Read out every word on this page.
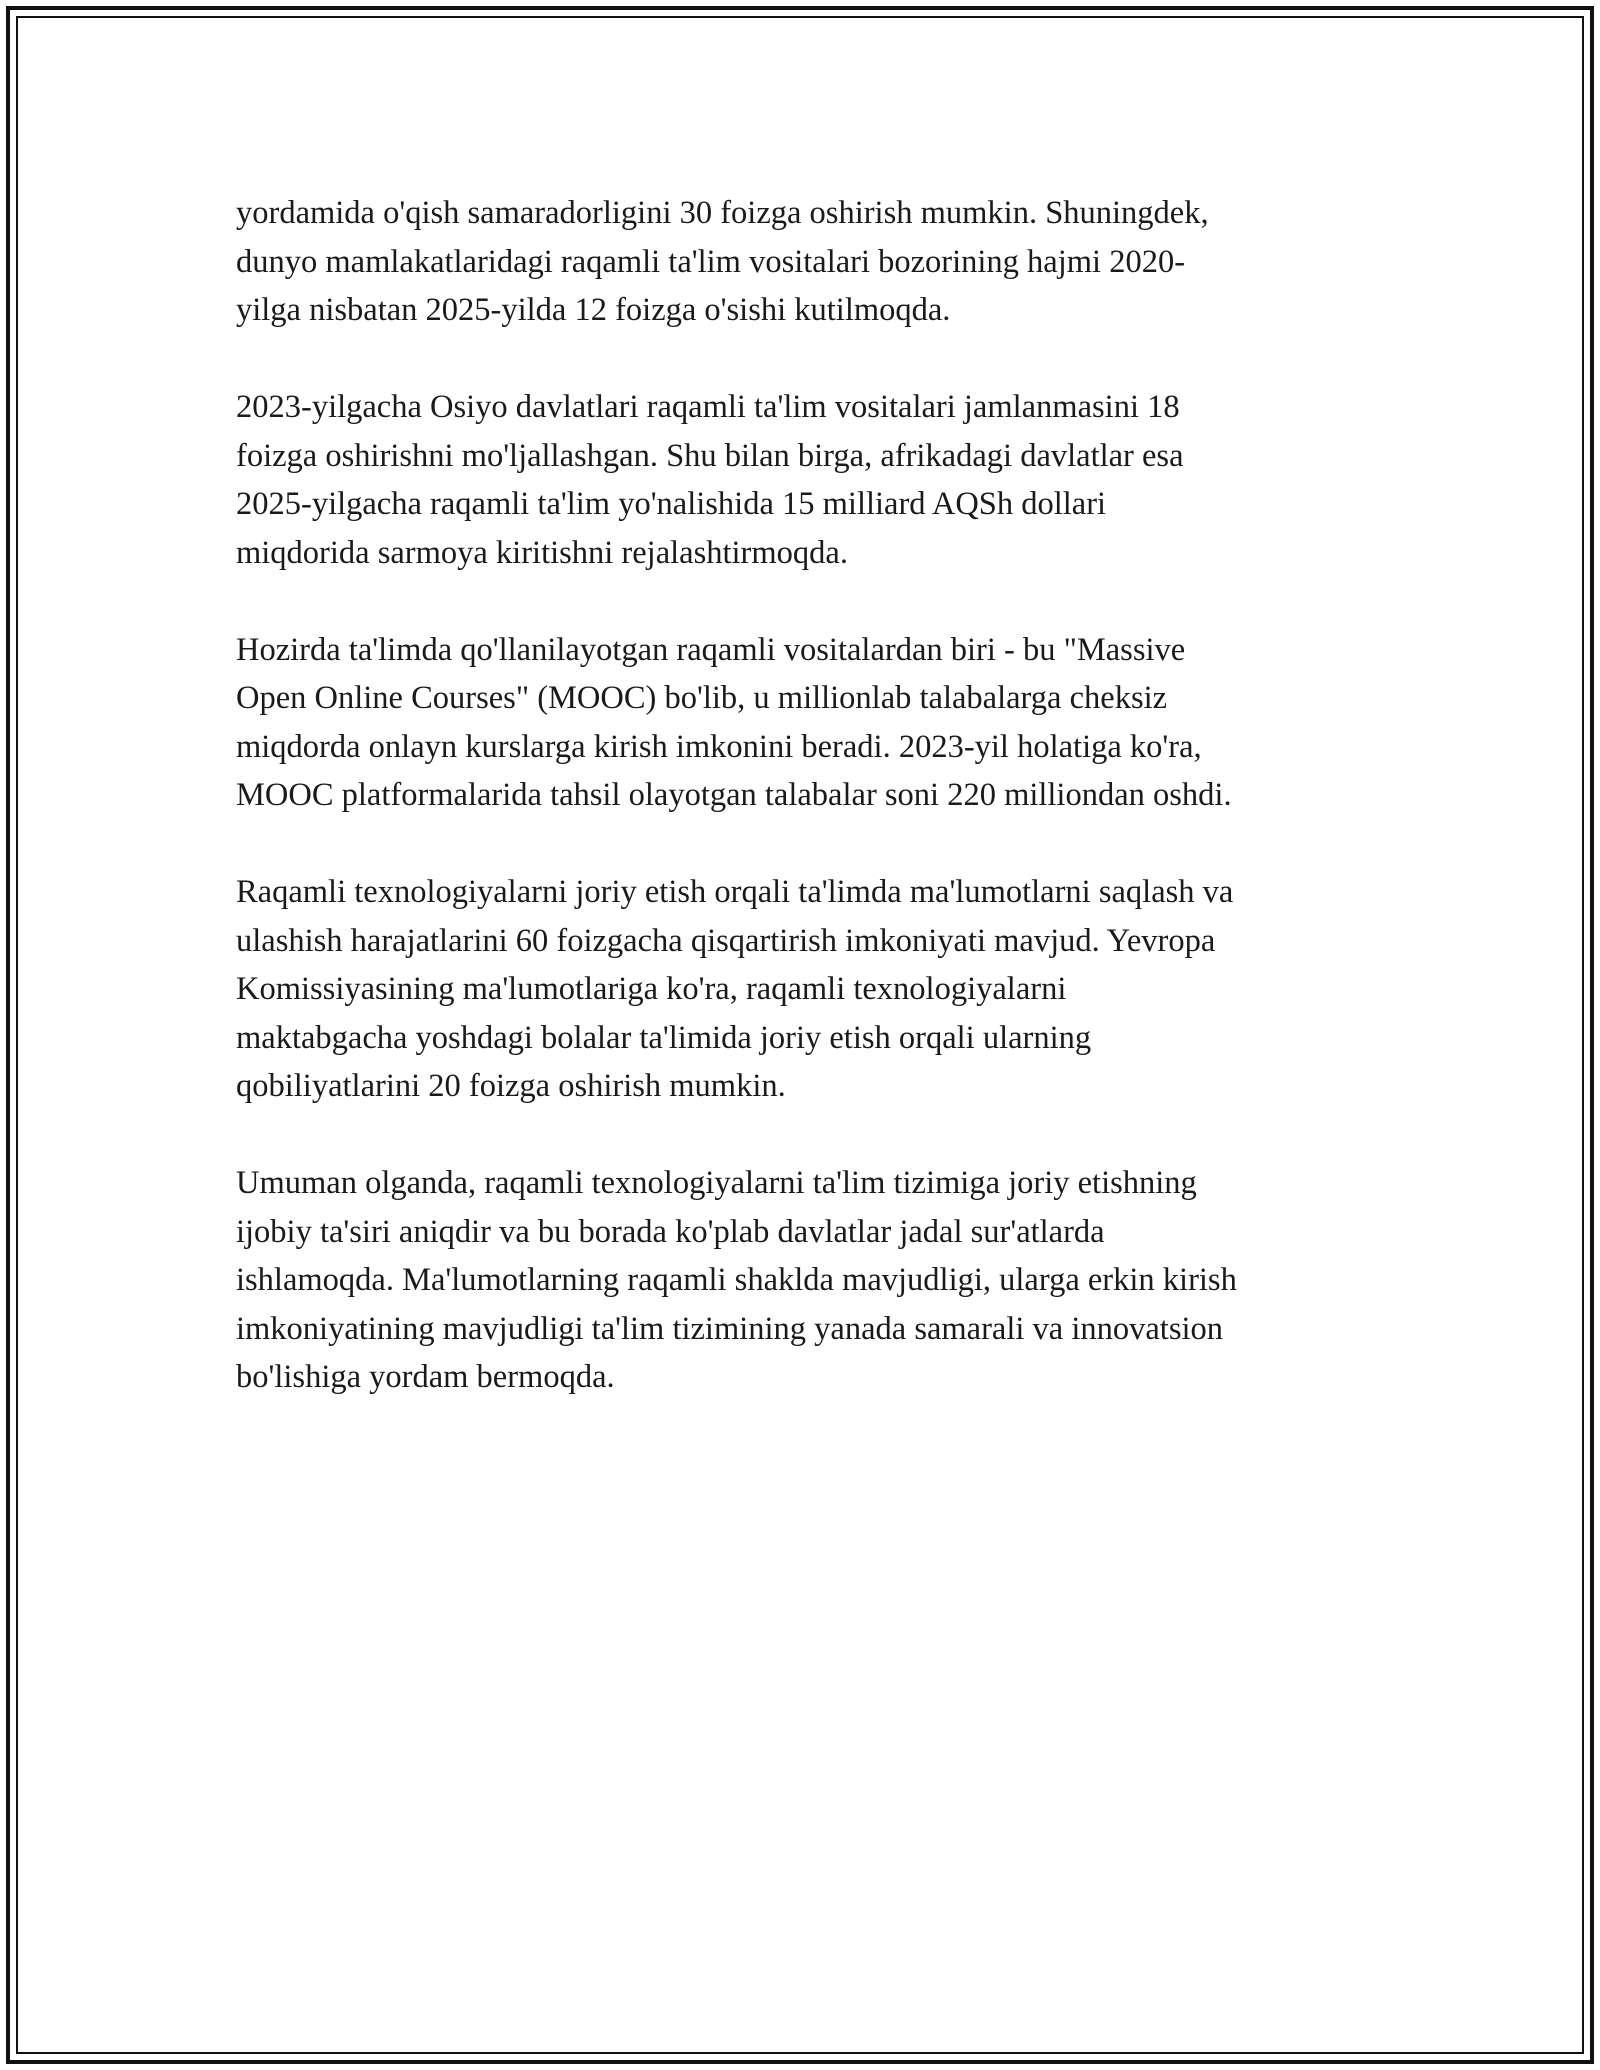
yordamida o'qish samaradorligini 30 foizga oshirish mumkin. Shuningdek,
dunyo mamlakatlaridagi raqamli ta'lim vositalari bozorining hajmi 2020-
yilga nisbatan 2025-yilda 12 foizga o'sishi kutilmoqda.

2023-yilgacha Osiyo davlatlari raqamli ta'lim vositalari jamlanmasini 18
foizga oshirishni mo'ljallashgan. Shu bilan birga, afrikadagi davlatlar esa
2025-yilgacha raqamli ta'lim yo'nalishida 15 milliard AQSh dollari
miqdorida sarmoya kiritishni rejalashtirmoqda.

Hozirda ta'limda qo'llanilayotgan raqamli vositalardan biri - bu "Massive
Open Online Courses" (MOOC) bo'lib, u millionlab talabalarga cheksiz
miqdorda onlayn kurslarga kirish imkonini beradi. 2023-yil holatiga ko'ra,
MOOC platformalarida tahsil olayotgan talabalar soni 220 milliondan oshdi.

Raqamli texnologiyalarni joriy etish orqali ta'limda ma'lumotlarni saqlash va
ulashish harajatlarini 60 foizgacha qisqartirish imkoniyati mavjud. Yevropa
Komissiyasining ma'lumotlariga ko'ra, raqamli texnologiyalarni
maktabgacha yoshdagi bolalar ta'limida joriy etish orqali ularning
qobiliyatlarini 20 foizga oshirish mumkin.

Umuman olganda, raqamli texnologiyalarni ta'lim tizimiga joriy etishning
ijobiy ta'siri aniqdir va bu borada ko'plab davlatlar jadal sur'atlarda
ishlamoqda. Ma'lumotlarning raqamli shaklda mavjudligi, ularga erkin kirish
imkoniyatining mavjudligi ta'lim tizimining yanada samarali va innovatsion
bo'lishiga yordam bermoqda.
